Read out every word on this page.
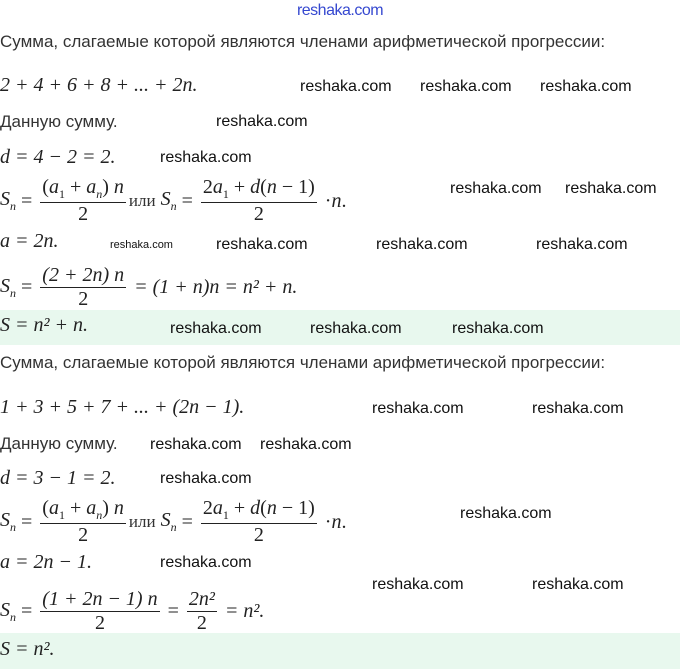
reshaka.com
Сумма, слагаемые которой являются членами арифметической прогрессии:
2 + 4 + 6 + 8 + ... + 2n.
Данную сумму.
d = 4 − 2 = 2.
$S_n = \frac{(a_1 + a_n) n}{2}$ или
$S_n = \frac{2a_1 + d(n - 1)}{2} \cdot n$ .
a = 2n.
$S_n = \frac{(2 + 2n) n}{2}$
= (1 + n)n = n² + n.
S = n² + n.
Сумма, слагаемые которой являются членами арифметической прогрессии:
1 + 3 + 5 + 7 + ... + (2n − 1).
Данную сумму.
d = 3 − 1 = 2.
$S_n = \frac{(a_1 + a_n) n}{2}$ или
$S_n = \frac{2a_1 + d(n - 1)}{2} \cdot n$ .
a = 2n − 1.
$S_n = \frac{(1 + 2n - 1) n}{2} = \frac{\text{2n²}}{2}$
= n².
S = n².
reshaka.com reshaka.com reshaka.com
reshaka.com
reshaka.com
reshaka.com reshaka.com
reshaka.com	reshaka.com	reshaka.com	reshaka.com
reshaka.com	reshaka.com	reshaka.com
reshaka.com reshaka.com
reshaka.com	reshaka.com
reshaka.com
reshaka.com
reshaka.com
reshaka.com	reshaka.com
